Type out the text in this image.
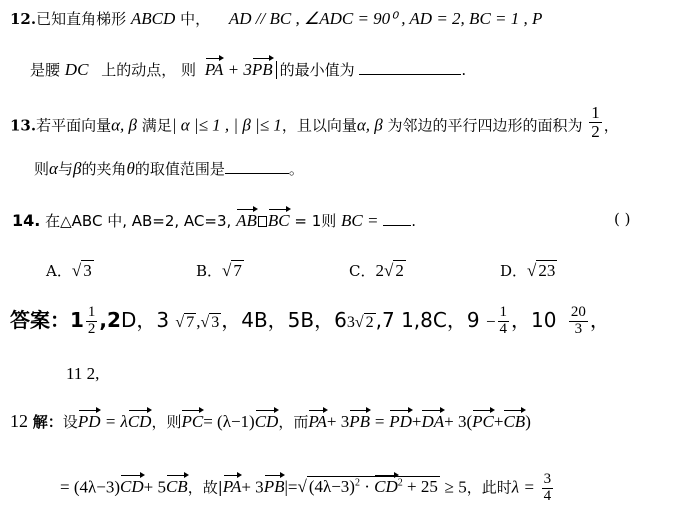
12.已知直角梯形 ABCD 中， AD // BC , ∠ADC = 90⁰ , AD = 2, BC = 1 , P
是腰 DC 上的动点， 则 PA + 3PB 的最小值为	.
13.若平面向量α, β 满足| α |≤ 1 , | β |≤ 1，且以向量α, β 为邻边的平行四边形的面积为 $\frac{1}{2}$ ，
则α与β的夹角θ的取值范围是	。
14. 在△ABC 中, AB=2, AC=3, AB BC = 1则 BC = .	( )
A．√ 3	B．√ 7	C．2√ 2	D．√ 23
答案：$1 \frac{1}{2} ,2D$，3 √ 7 ,√ 3 ，4B，5B，63√ 2 ,7 1,8C，$9 - \frac{1}{4}$ ，$10 \frac{20}{3}$ ，
11 2,
12 解：设PD = λCD，则PC= (λ−1)CD，而PA+ 3PB = PD+DA+ 3(PC+CB)
= (4λ−3)CD+ 5CB，故|PA+ 3PB|=√ $(4\lambda-3)^2 \cdot CD^2 + 25 \ge 5$，此时$\lambda = \frac{3}{4}$
